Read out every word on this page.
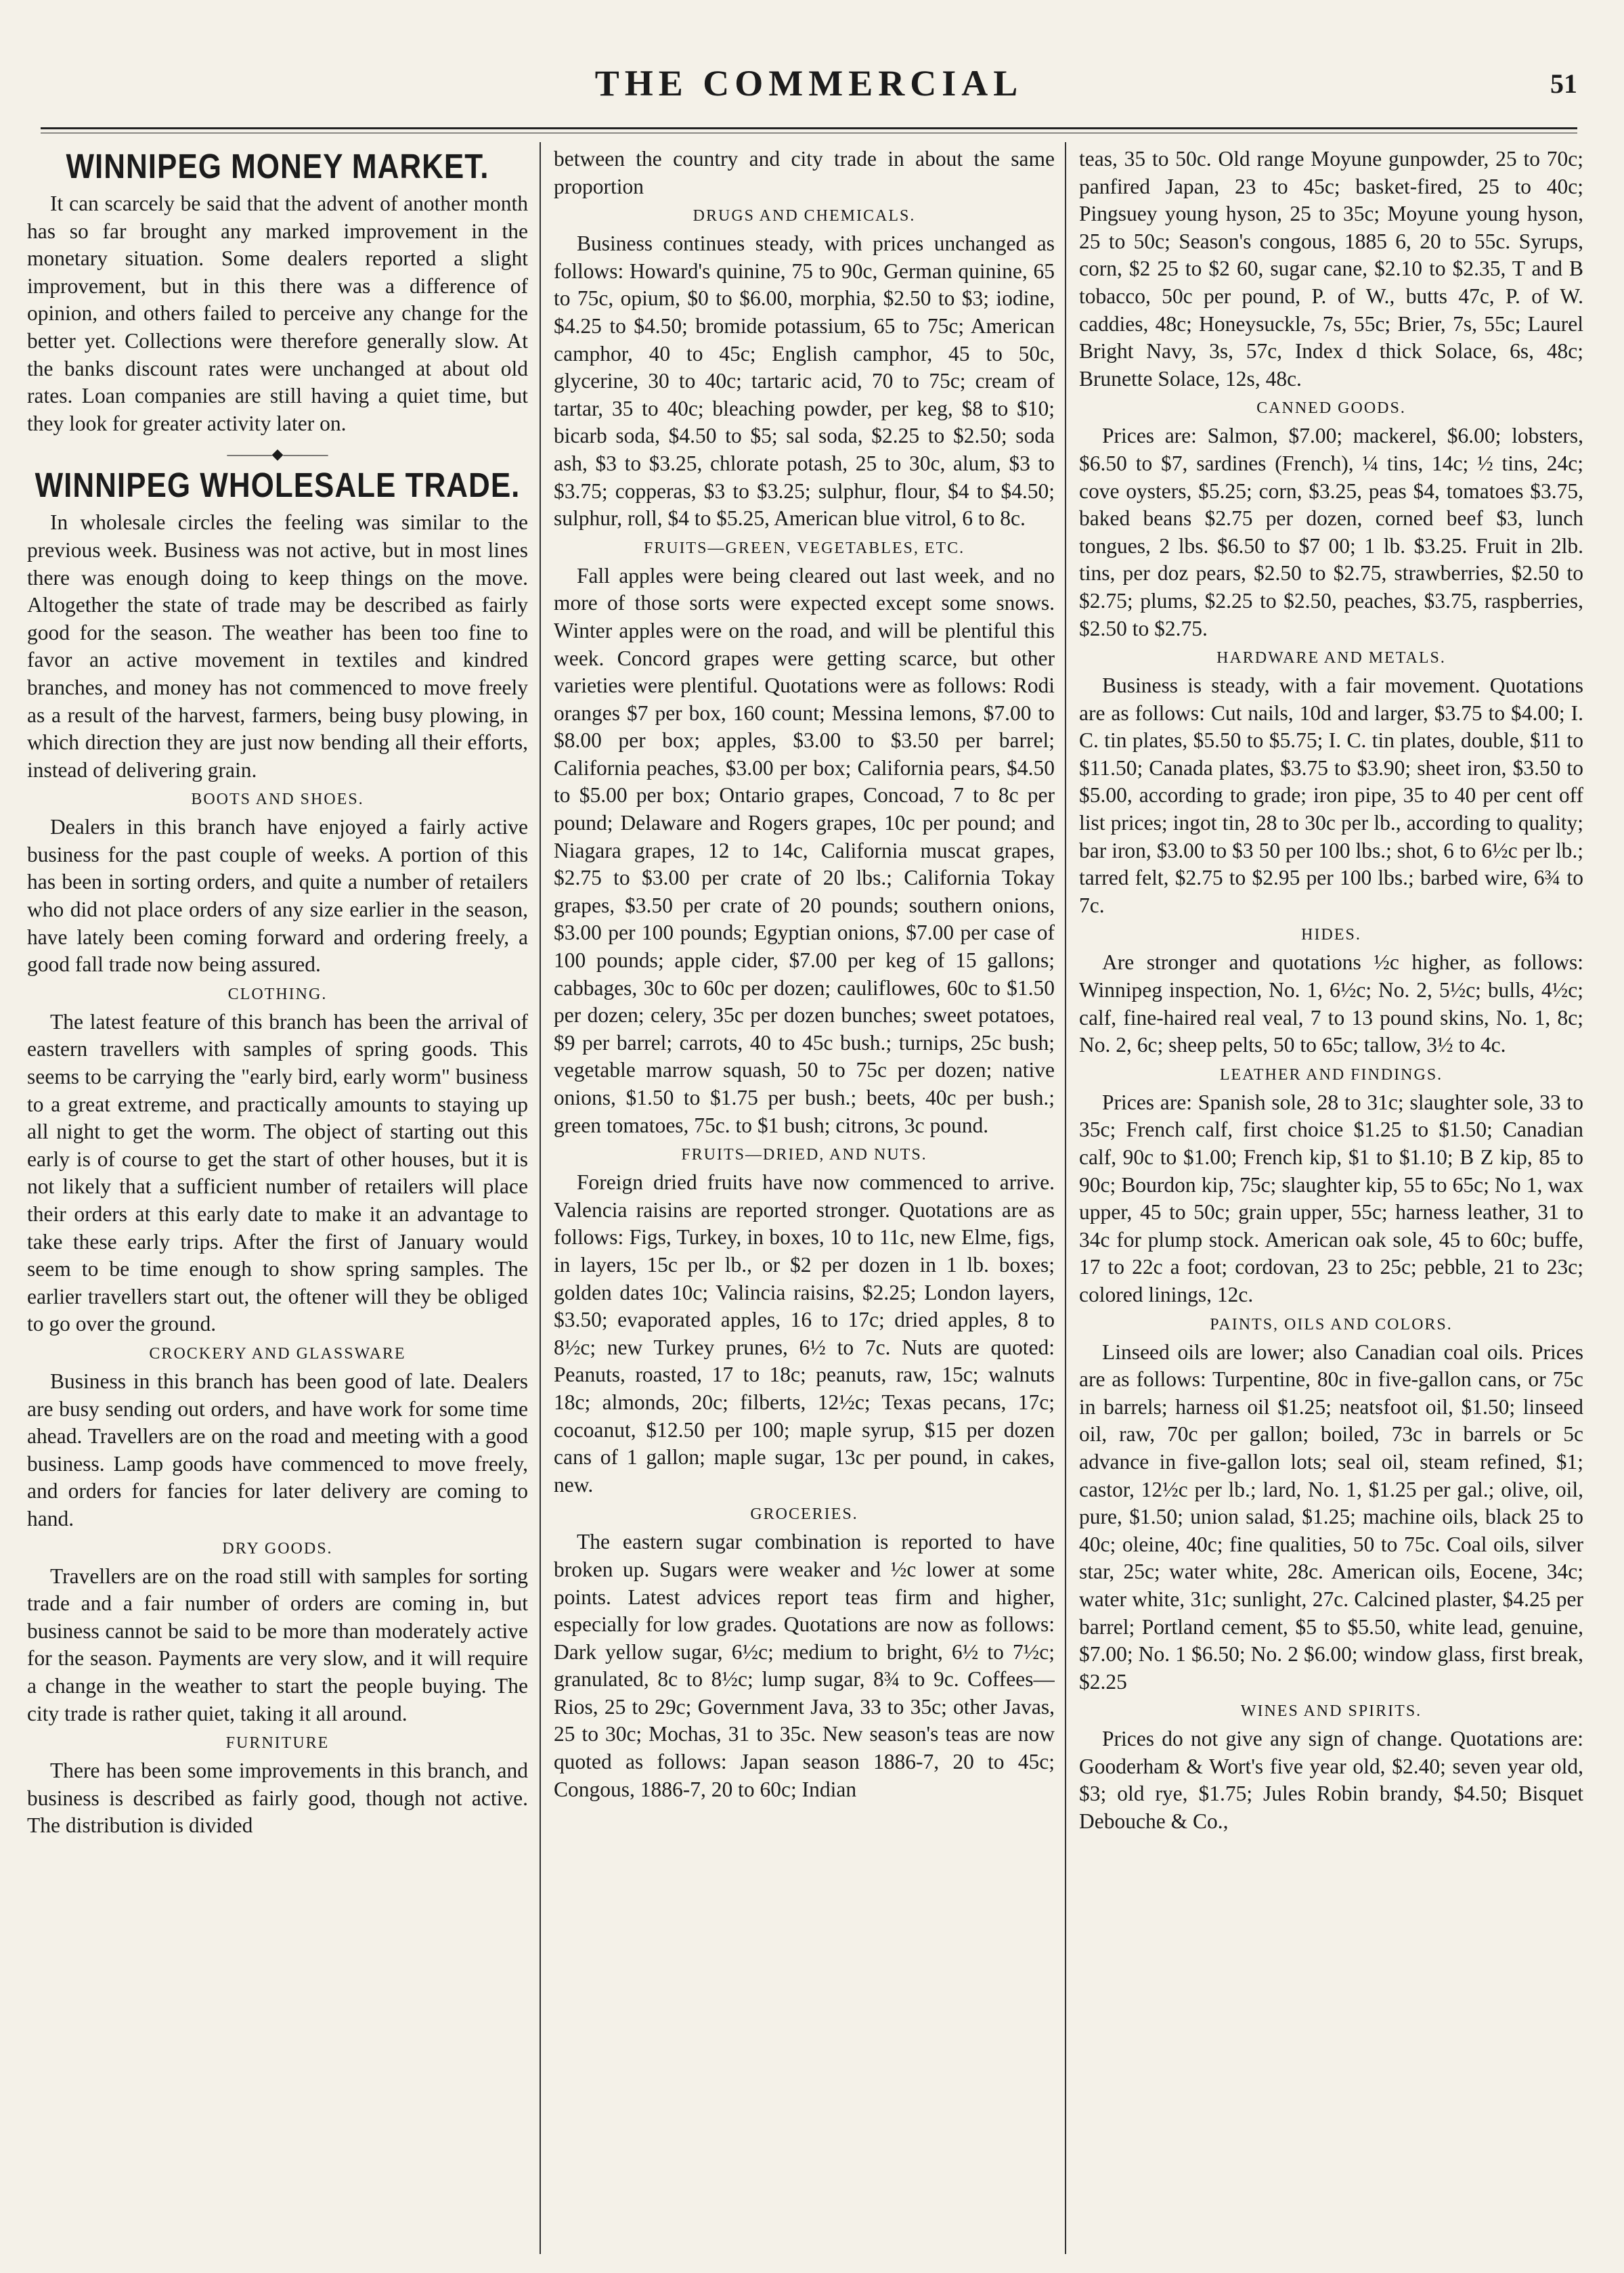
THE COMMERCIAL	51
WINNIPEG MONEY MARKET.

It can scarcely be said that the advent of another month has so far brought any marked improvement in the monetary situation. Some dealers reported a slight improvement, but in this there was a difference of opinion, and others failed to perceive any change for the better yet. Collections were therefore generally slow. At the banks discount rates were unchanged at about old rates. Loan companies are still having a quiet time, but they look for greater activity later on.

———◆———
WINNIPEG WHOLESALE TRADE.

In wholesale circles the feeling was similar to the previous week. Business was not active, but in most lines there was enough doing to keep things on the move. Altogether the state of trade may be described as fairly good for the season. The weather has been too fine to favor an active movement in textiles and kindred branches, and money has not commenced to move freely as a result of the harvest, farmers, being busy plowing, in which direction they are just now bending all their efforts, instead of delivering grain.

BOOTS AND SHOES.

Dealers in this branch have enjoyed a fairly active business for the past couple of weeks. A portion of this has been in sorting orders, and quite a number of retailers who did not place orders of any size earlier in the season, have lately been coming forward and ordering freely, a good fall trade now being assured.

CLOTHING.

The latest feature of this branch has been the arrival of eastern travellers with samples of spring goods. This seems to be carrying the "early bird, early worm" business to a great extreme, and practically amounts to staying up all night to get the worm. The object of starting out this early is of course to get the start of other houses, but it is not likely that a sufficient number of retailers will place their orders at this early date to make it an advantage to take these early trips. After the first of January would seem to be time enough to show spring samples. The earlier travellers start out, the oftener will they be obliged to go over the ground.

CROCKERY AND GLASSWARE

Business in this branch has been good of late. Dealers are busy sending out orders, and have work for some time ahead. Travellers are on the road and meeting with a good business. Lamp goods have commenced to move freely, and orders for fancies for later delivery are coming to hand.

DRY GOODS.

Travellers are on the road still with samples for sorting trade and a fair number of orders are coming in, but business cannot be said to be more than moderately active for the season. Payments are very slow, and it will require a change in the weather to start the people buying. The city trade is rather quiet, taking it all around.

FURNITURE

There has been some improvements in this branch, and business is described as fairly good, though not active. The distribution is divided

between the country and city trade in about the same proportion

DRUGS AND CHEMICALS.

Business continues steady, with prices unchanged as follows: Howard's quinine, 75 to 90c, German quinine, 65 to 75c, opium, $0 to $6.00, morphia, $2.50 to $3; iodine, $4.25 to $4.50; bromide potassium, 65 to 75c; American camphor, 40 to 45c; English camphor, 45 to 50c, glycerine, 30 to 40c; tartaric acid, 70 to 75c; cream of tartar, 35 to 40c; bleaching powder, per keg, $8 to $10; bicarb soda, $4.50 to $5; sal soda, $2.25 to $2.50; soda ash, $3 to $3.25, chlorate potash, 25 to 30c, alum, $3 to $3.75; copperas, $3 to $3.25; sulphur, flour, $4 to $4.50; sulphur, roll, $4 to $5.25, American blue vitrol, 6 to 8c.

FRUITS—GREEN, VEGETABLES, ETC.

Fall apples were being cleared out last week, and no more of those sorts were expected except some snows. Winter apples were on the road, and will be plentiful this week. Concord grapes were getting scarce, but other varieties were plentiful. Quotations were as follows: Rodi oranges $7 per box, 160 count; Messina lemons, $7.00 to $8.00 per box; apples, $3.00 to $3.50 per barrel; California peaches, $3.00 per box; California pears, $4.50 to $5.00 per box; Ontario grapes, Concoad, 7 to 8c per pound; Delaware and Rogers grapes, 10c per pound; and Niagara grapes, 12 to 14c, California muscat grapes, $2.75 to $3.00 per crate of 20 lbs.; California Tokay grapes, $3.50 per crate of 20 pounds; southern onions, $3.00 per 100 pounds; Egyptian onions, $7.00 per case of 100 pounds; apple cider, $7.00 per keg of 15 gallons; cabbages, 30c to 60c per dozen; cauliflowes, 60c to $1.50 per dozen; celery, 35c per dozen bunches; sweet potatoes, $9 per barrel; carrots, 40 to 45c bush.; turnips, 25c bush; vegetable marrow squash, 50 to 75c per dozen; native onions, $1.50 to $1.75 per bush.; beets, 40c per bush.; green tomatoes, 75c. to $1 bush; citrons, 3c pound.

FRUITS—DRIED, AND NUTS.

Foreign dried fruits have now commenced to arrive. Valencia raisins are reported stronger. Quotations are as follows: Figs, Turkey, in boxes, 10 to 11c, new Elme, figs, in layers, 15c per lb., or $2 per dozen in 1 lb. boxes; golden dates 10c; Valincia raisins, $2.25; London layers, $3.50; evaporated apples, 16 to 17c; dried apples, 8 to 8½c; new Turkey prunes, 6½ to 7c. Nuts are quoted: Peanuts, roasted, 17 to 18c; peanuts, raw, 15c; walnuts 18c; almonds, 20c; filberts, 12½c; Texas pecans, 17c; cocoanut, $12.50 per 100; maple syrup, $15 per dozen cans of 1 gallon; maple sugar, 13c per pound, in cakes, new.

GROCERIES.

The eastern sugar combination is reported to have broken up. Sugars were weaker and ½c lower at some points. Latest advices report teas firm and higher, especially for low grades. Quotations are now as follows: Dark yellow sugar, 6½c; medium to bright, 6½ to 7½c; granulated, 8c to 8½c; lump sugar, 8¾ to 9c. Coffees—Rios, 25 to 29c; Government Java, 33 to 35c; other Javas, 25 to 30c; Mochas, 31 to 35c. New season's teas are now quoted as follows: Japan season 1886-7, 20 to 45c; Congous, 1886-7, 20 to 60c; Indian

teas, 35 to 50c. Old range Moyune gunpowder, 25 to 70c; panfired Japan, 23 to 45c; basket-fired, 25 to 40c; Pingsuey young hyson, 25 to 35c; Moyune young hyson, 25 to 50c; Season's congous, 1885 6, 20 to 55c. Syrups, corn, $2 25 to $2 60, sugar cane, $2.10 to $2.35, T and B tobacco, 50c per pound, P. of W., butts 47c, P. of W. caddies, 48c; Honeysuckle, 7s, 55c; Brier, 7s, 55c; Laurel Bright Navy, 3s, 57c, Index d thick Solace, 6s, 48c; Brunette Solace, 12s, 48c.

CANNED GOODS.

Prices are: Salmon, $7.00; mackerel, $6.00; lobsters, $6.50 to $7, sardines (French), ¼ tins, 14c; ½ tins, 24c; cove oysters, $5.25; corn, $3.25, peas $4, tomatoes $3.75, baked beans $2.75 per dozen, corned beef $3, lunch tongues, 2 lbs. $6.50 to $7 00; 1 lb. $3.25. Fruit in 2lb. tins, per doz pears, $2.50 to $2.75, strawberries, $2.50 to $2.75; plums, $2.25 to $2.50, peaches, $3.75, raspberries, $2.50 to $2.75.

HARDWARE AND METALS.

Business is steady, with a fair movement. Quotations are as follows: Cut nails, 10d and larger, $3.75 to $4.00; I. C. tin plates, $5.50 to $5.75; I. C. tin plates, double, $11 to $11.50; Canada plates, $3.75 to $3.90; sheet iron, $3.50 to $5.00, according to grade; iron pipe, 35 to 40 per cent off list prices; ingot tin, 28 to 30c per lb., according to quality; bar iron, $3.00 to $3 50 per 100 lbs.; shot, 6 to 6½c per lb.; tarred felt, $2.75 to $2.95 per 100 lbs.; barbed wire, 6¾ to 7c.

HIDES.

Are stronger and quotations ½c higher, as follows: Winnipeg inspection, No. 1, 6½c; No. 2, 5½c; bulls, 4½c; calf, fine-haired real veal, 7 to 13 pound skins, No. 1, 8c; No. 2, 6c; sheep pelts, 50 to 65c; tallow, 3½ to 4c.

LEATHER AND FINDINGS.

Prices are: Spanish sole, 28 to 31c; slaughter sole, 33 to 35c; French calf, first choice $1.25 to $1.50; Canadian calf, 90c to $1.00; French kip, $1 to $1.10; B Z kip, 85 to 90c; Bourdon kip, 75c; slaughter kip, 55 to 65c; No 1, wax upper, 45 to 50c; grain upper, 55c; harness leather, 31 to 34c for plump stock. American oak sole, 45 to 60c; buffe, 17 to 22c a foot; cordovan, 23 to 25c; pebble, 21 to 23c; colored linings, 12c.

PAINTS, OILS AND COLORS.

Linseed oils are lower; also Canadian coal oils. Prices are as follows: Turpentine, 80c in five-gallon cans, or 75c in barrels; harness oil $1.25; neatsfoot oil, $1.50; linseed oil, raw, 70c per gallon; boiled, 73c in barrels or 5c advance in five-gallon lots; seal oil, steam refined, $1; castor, 12½c per lb.; lard, No. 1, $1.25 per gal.; olive, oil, pure, $1.50; union salad, $1.25; machine oils, black 25 to 40c; oleine, 40c; fine qualities, 50 to 75c. Coal oils, silver star, 25c; water white, 28c. American oils, Eocene, 34c; water white, 31c; sunlight, 27c. Calcined plaster, $4.25 per barrel; Portland cement, $5 to $5.50, white lead, genuine, $7.00; No. 1 $6.50; No. 2 $6.00; window glass, first break, $2.25

WINES AND SPIRITS.

Prices do not give any sign of change. Quotations are: Gooderham & Wort's five year old, $2.40; seven year old, $3; old rye, $1.75; Jules Robin brandy, $4.50; Bisquet Debouche & Co.,
